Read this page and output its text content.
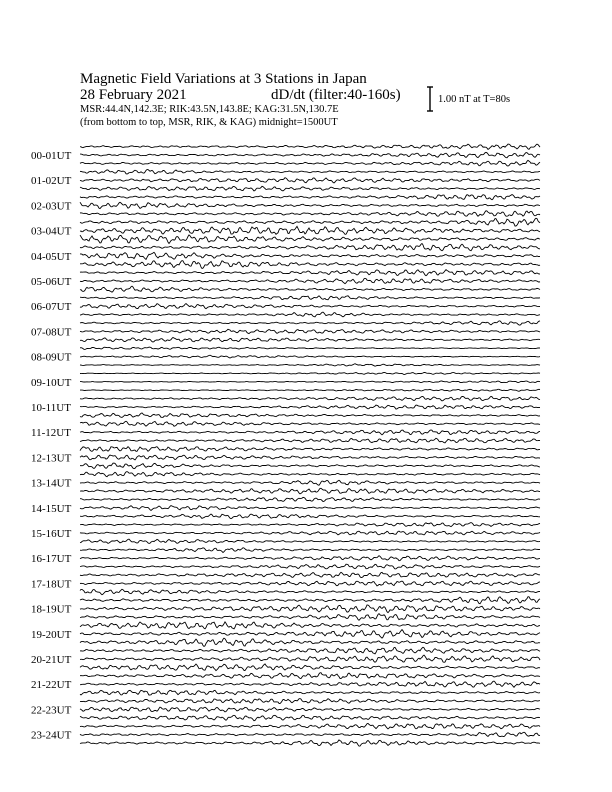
Magnetic Field Variations at 3 Stations in Japan
28 February 2021	dD/dt (filter:40-160s)
MSR:44.4N,142.3E; RIK:43.5N,143.8E; KAG:31.5N,130.7E
(from bottom to top, MSR, RIK, & KAG) midnight=1500UT
1.00 nT at T=80s
00-01UT
01-02UT
02-03UT
03-04UT
04-05UT
05-06UT
06-07UT
07-08UT
08-09UT
09-10UT
10-11UT
11-12UT
12-13UT
13-14UT
14-15UT
15-16UT
16-17UT
17-18UT
18-19UT
19-20UT
20-21UT
21-22UT
22-23UT
23-24UT
